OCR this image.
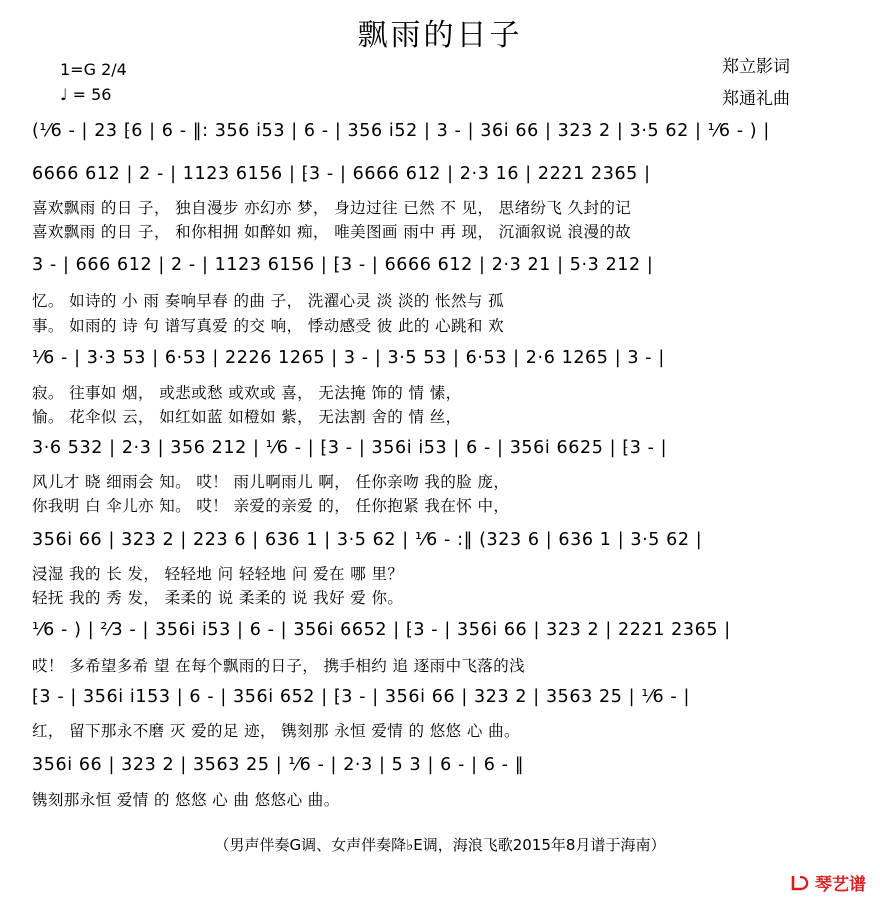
飘雨的日子
1=G 2/4
♩ = 56
郑立影词
郑通礼曲
(¹⁄6 - | 23 ⁅6 | 6 - ‖: 356 i53 | 6 - | 356 i52 | 3 - | 36i 66 | 323 2 | 3·5 62 | ¹⁄6 - ) |
6666 612 | 2 - | 1123 6156 | ⁅3 - | 6666 612 | 2·3 16 | 2221 2365 |
喜欢飘雨 的日 子， 独自漫步 亦幻亦 梦， 身边过往 已然 不 见， 思绪纷飞 久封的记
喜欢飘雨 的日 子， 和你相拥 如醉如 痴， 唯美图画 雨中 再 现， 沉湎叙说 浪漫的故
3 - | 666 612 | 2 - | 1123 6156 | ⁅3 - | 6666 612 | 2·3 21 | 5·3 212 |
忆。 如诗的 小 雨 奏响早春 的曲 子， 洗濯心灵 淡 淡的 怅然与 孤
事。 如雨的 诗 句 谱写真爱 的交 响， 悸动感受 彼 此的 心跳和 欢
¹⁄6 - | 3·3 53 | 6·53 | 2226 1265 | 3 - | 3·5 53 | 6·53 | 2·6 1265 | 3 - |
寂。 往事如 烟， 或悲或愁 或欢或 喜， 无法掩 饰的 情 愫，
愉。 花伞似 云， 如红如蓝 如橙如 紫， 无法割 舍的 情 丝，
3·6 532 | 2·3 | 356 212 | ¹⁄6 - | ⁅3 - | 356i i53 | 6 - | 356i 6625 | ⁅3 - |
风儿才 晓 细雨会 知。 哎！ 雨儿啊雨儿 啊， 任你亲吻 我的脸 庞，
你我明 白 伞儿亦 知。 哎！ 亲爱的亲爱 的， 任你抱紧 我在怀 中，
356i 66 | 323 2 | 223 6 | 636 1 | 3·5 62 | ¹⁄6 - :‖ (323 6 | 636 1 | 3·5 62 |
浸湿 我的 长 发， 轻轻地 问 轻轻地 问 爱在 哪 里？
轻抚 我的 秀 发， 柔柔的 说 柔柔的 说 我好 爱 你。
¹⁄6 - ) | ²⁄3 - | 356i i53 | 6 - | 356i 6652 | ⁅3 - | 356i 66 | 323 2 | 2221 2365 |
哎！ 多希望多希 望 在每个飘雨的日子， 携手相约 追 逐雨中飞落的浅
⁅3 - | 356i i153 | 6 - | 356i 652 | ⁅3 - | 356i 66 | 323 2 | 3563 25 | ¹⁄6 - |
红， 留下那永不磨 灭 爱的足 迹， 镌刻那 永恒 爱情 的 悠悠 心 曲。
356i 66 | 323 2 | 3563 25 | ¹⁄6 - | 2·3 | 5 3 | 6 - | 6 - ‖
镌刻那永恒 爱情 的 悠悠 心 曲 悠悠心 曲。
（男声伴奏G调、女声伴奏降♭E调，海浪飞歌2015年8月谱于海南）
琴艺谱
